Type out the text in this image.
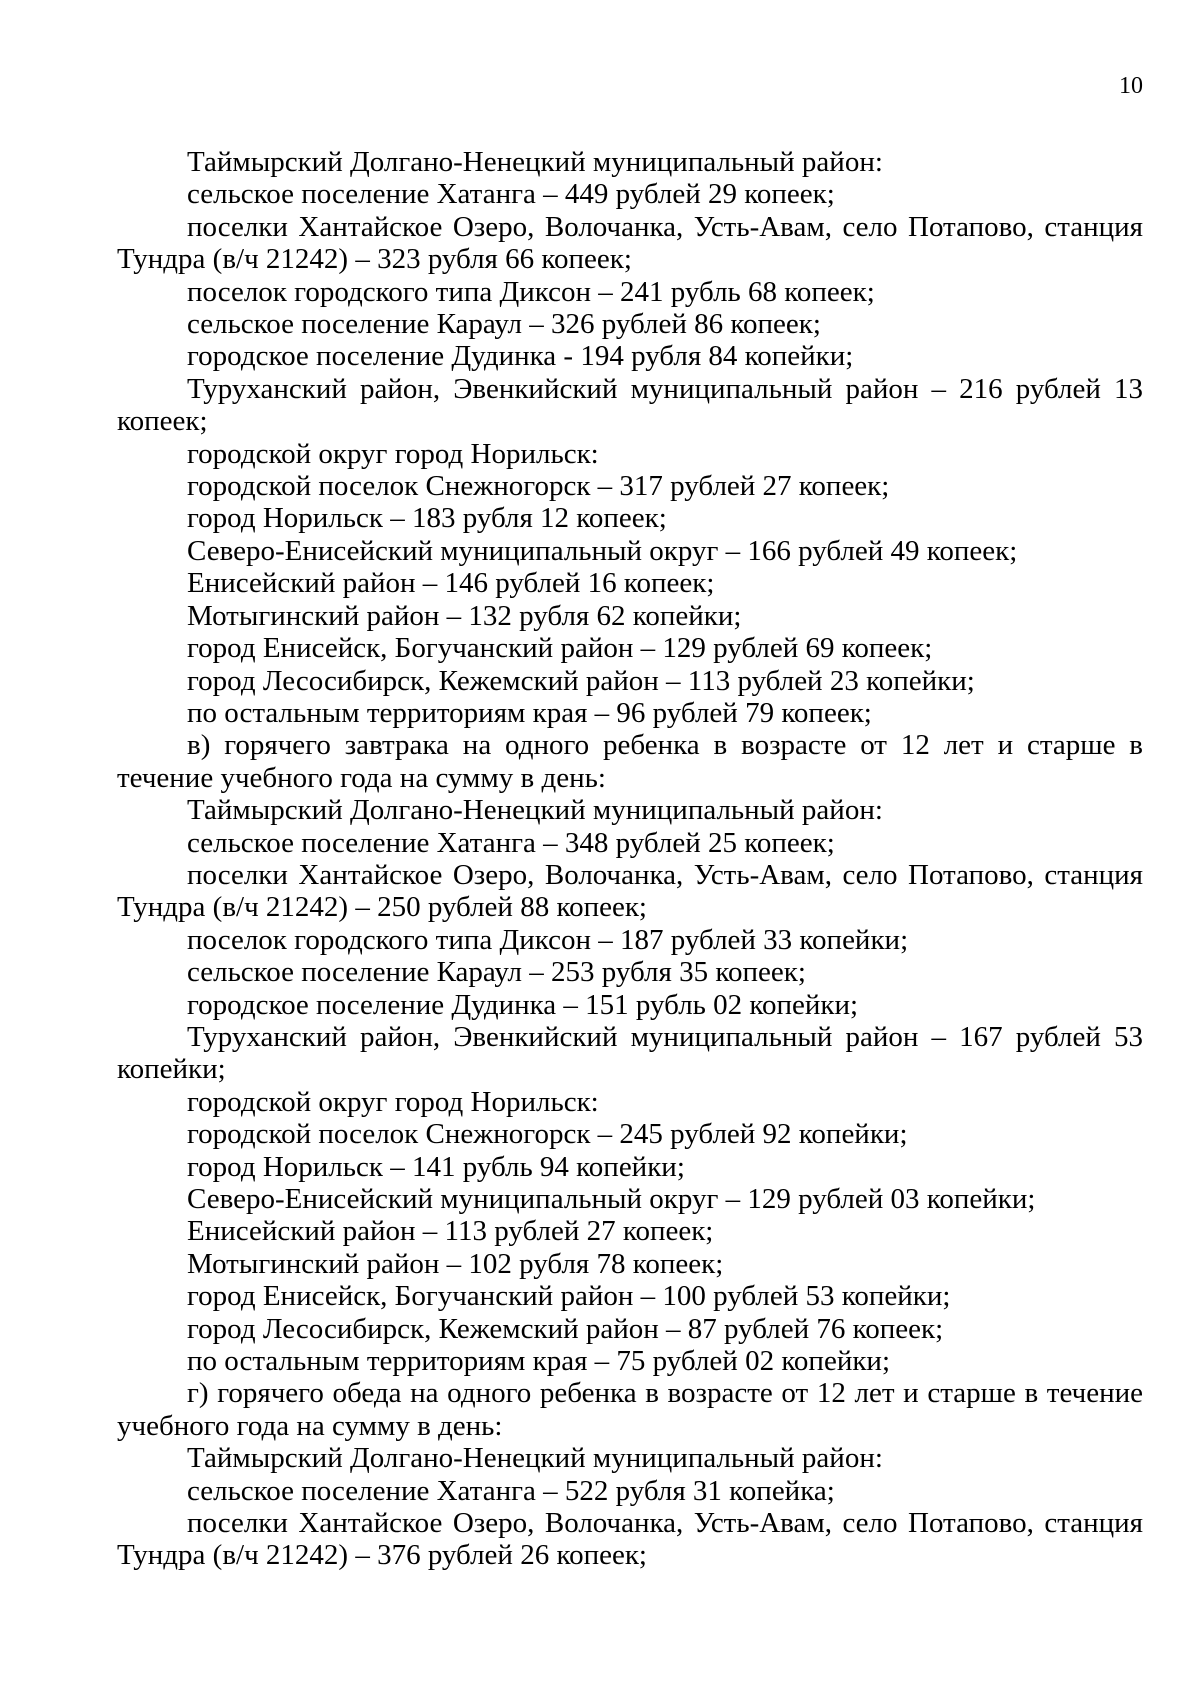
10

Таймырский Долгано-Ненецкий муниципальный район:

сельское поселение Хатанга – 449 рублей 29 копеек;

поселки Хантайское Озеро, Волочанка, Усть-Авам, село Потапово, станция Тундра (в/ч 21242) – 323 рубля 66 копеек;

поселок городского типа Диксон – 241 рубль 68 копеек;

сельское поселение Караул – 326 рублей 86 копеек;

городское поселение Дудинка - 194 рубля 84 копейки;

Туруханский район, Эвенкийский муниципальный район – 216 рублей 13 копеек;

городской округ город Норильск:

городской поселок Снежногорск – 317 рублей 27 копеек;

город Норильск – 183 рубля 12 копеек;

Северо-Енисейский муниципальный округ – 166 рублей 49 копеек;

Енисейский район – 146 рублей 16 копеек;

Мотыгинский район – 132 рубля 62 копейки;

город Енисейск, Богучанский район – 129 рублей 69 копеек;

город Лесосибирск, Кежемский район – 113 рублей 23 копейки;

по остальным территориям края – 96 рублей 79 копеек;

в) горячего завтрака на одного ребенка в возрасте от 12 лет и старше в течение учебного года на сумму в день:

Таймырский Долгано-Ненецкий муниципальный район:

сельское поселение Хатанга – 348 рублей 25 копеек;

поселки Хантайское Озеро, Волочанка, Усть-Авам, село Потапово, станция Тундра (в/ч 21242) – 250 рублей 88 копеек;

поселок городского типа Диксон – 187 рублей 33 копейки;

сельское поселение Караул – 253 рубля 35 копеек;

городское поселение Дудинка – 151 рубль 02 копейки;

Туруханский район, Эвенкийский муниципальный район – 167 рублей 53 копейки;

городской округ город Норильск:

городской поселок Снежногорск – 245 рублей 92 копейки;

город Норильск – 141 рубль 94 копейки;

Северо-Енисейский муниципальный округ – 129 рублей 03 копейки;

Енисейский район – 113 рублей 27 копеек;

Мотыгинский район – 102 рубля 78 копеек;

город Енисейск, Богучанский район – 100 рублей 53 копейки;

город Лесосибирск, Кежемский район – 87 рублей 76 копеек;

по остальным территориям края – 75 рублей 02 копейки;

г) горячего обеда на одного ребенка в возрасте от 12 лет и старше в течение учебного года на сумму в день:

Таймырский Долгано-Ненецкий муниципальный район:

сельское поселение Хатанга – 522 рубля 31 копейка;

поселки Хантайское Озеро, Волочанка, Усть-Авам, село Потапово, станция Тундра (в/ч 21242) – 376 рублей 26 копеек;
